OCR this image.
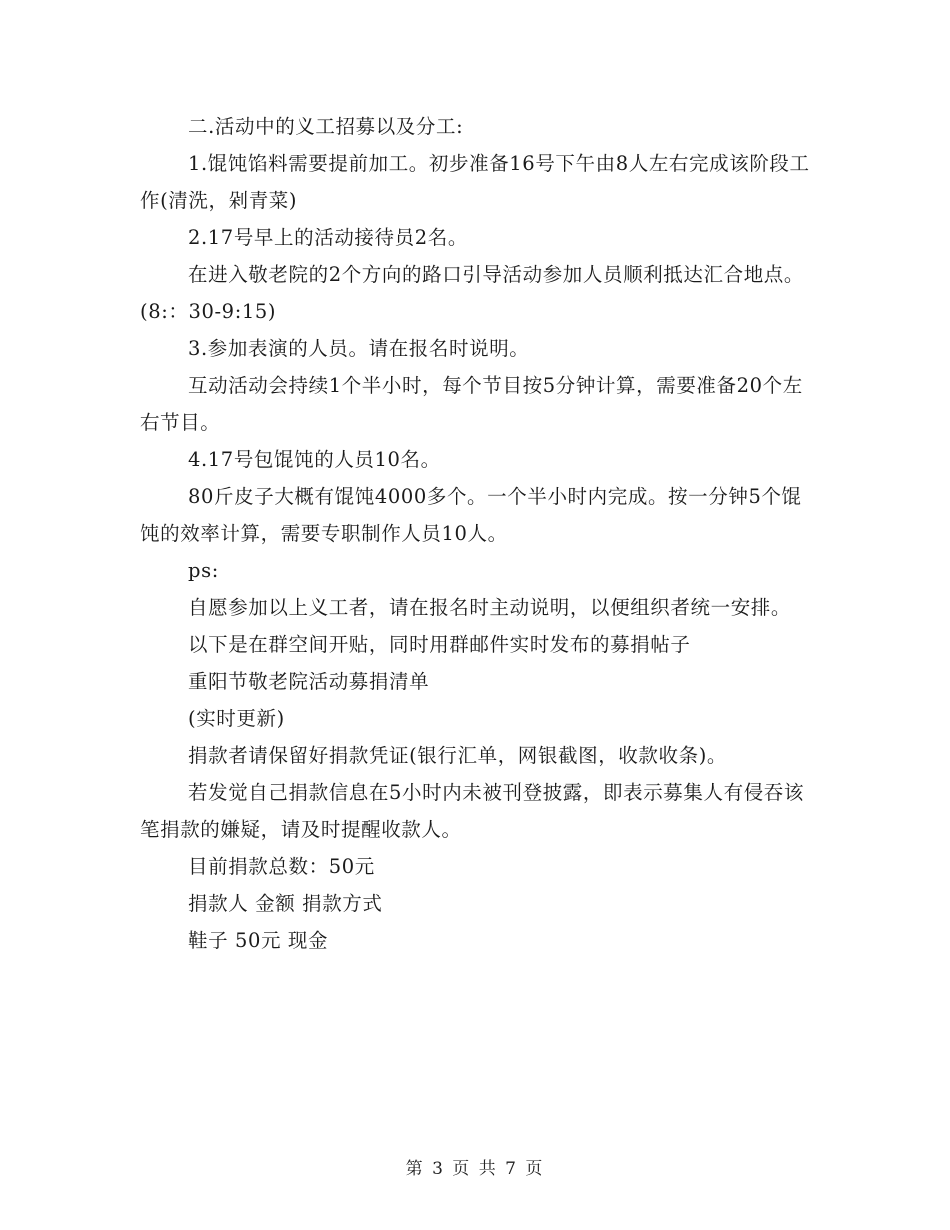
二.活动中的义工招募以及分工:

1.馄饨馅料需要提前加工。初步准备16号下午由8人左右完成该阶段工作(清洗，剁青菜)

2.17号早上的活动接待员2名。

在进入敬老院的2个方向的路口引导活动参加人员顺利抵达汇合地点。(8:：30-9:15)

3.参加表演的人员。请在报名时说明。

互动活动会持续1个半小时，每个节目按5分钟计算，需要准备20个左右节目。

4.17号包馄饨的人员10名。

80斤皮子大概有馄饨4000多个。一个半小时内完成。按一分钟5个馄饨的效率计算，需要专职制作人员10人。

ps:

自愿参加以上义工者，请在报名时主动说明，以便组织者统一安排。

以下是在群空间开贴，同时用群邮件实时发布的募捐帖子

重阳节敬老院活动募捐清单

(实时更新)

捐款者请保留好捐款凭证(银行汇单，网银截图，收款收条)。

若发觉自己捐款信息在5小时内未被刊登披露，即表示募集人有侵吞该笔捐款的嫌疑，请及时提醒收款人。

目前捐款总数：50元

捐款人 金额 捐款方式

鞋子 50元 现金

第 3 页 共 7 页
